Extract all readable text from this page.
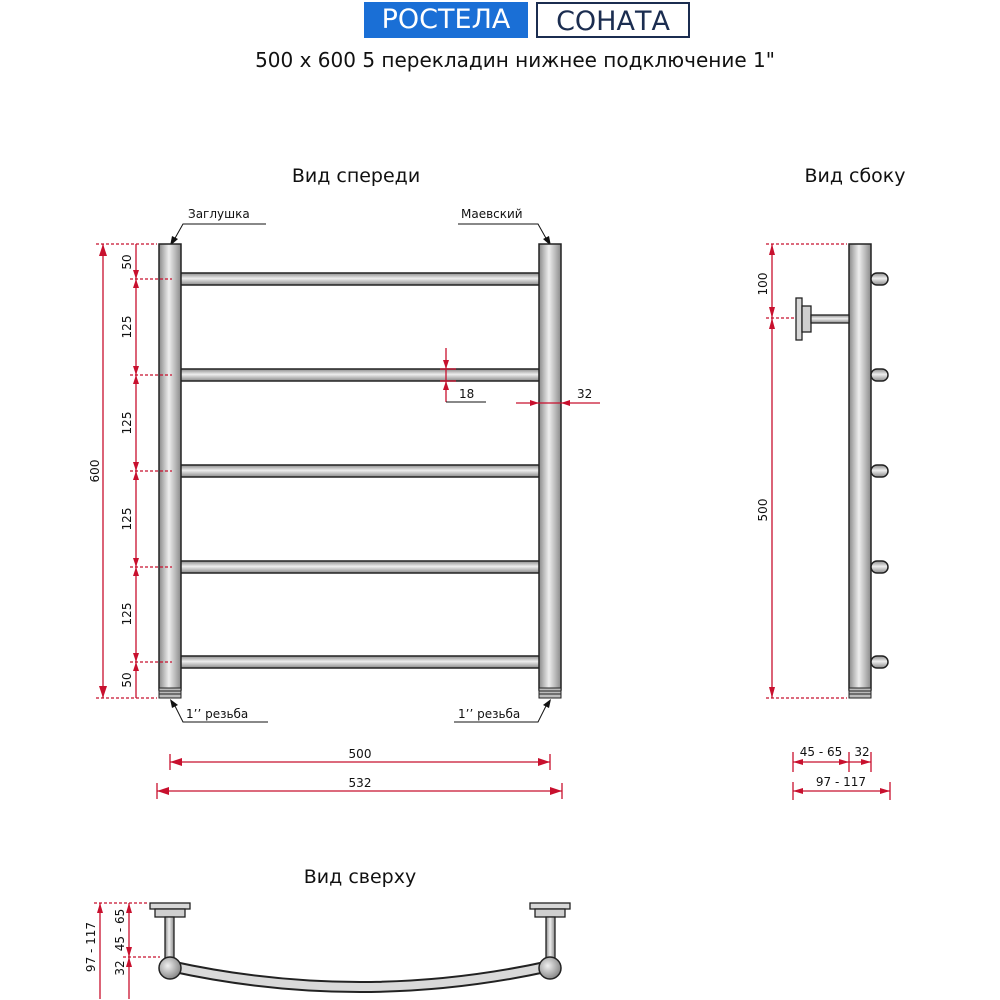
РОСТЕЛА	СОНАТА
500 x 600 5 перекладин нижнее подключение 1"
Вид спереди
Заглушка	Маевский
1’’ резьба	1’’ резьба
600
50
125
125
125
125
50
18	32
500
532
Вид сбоку
100
500
45 - 65 32
97 - 117
Вид сверху
97 - 117 45 - 65
32
